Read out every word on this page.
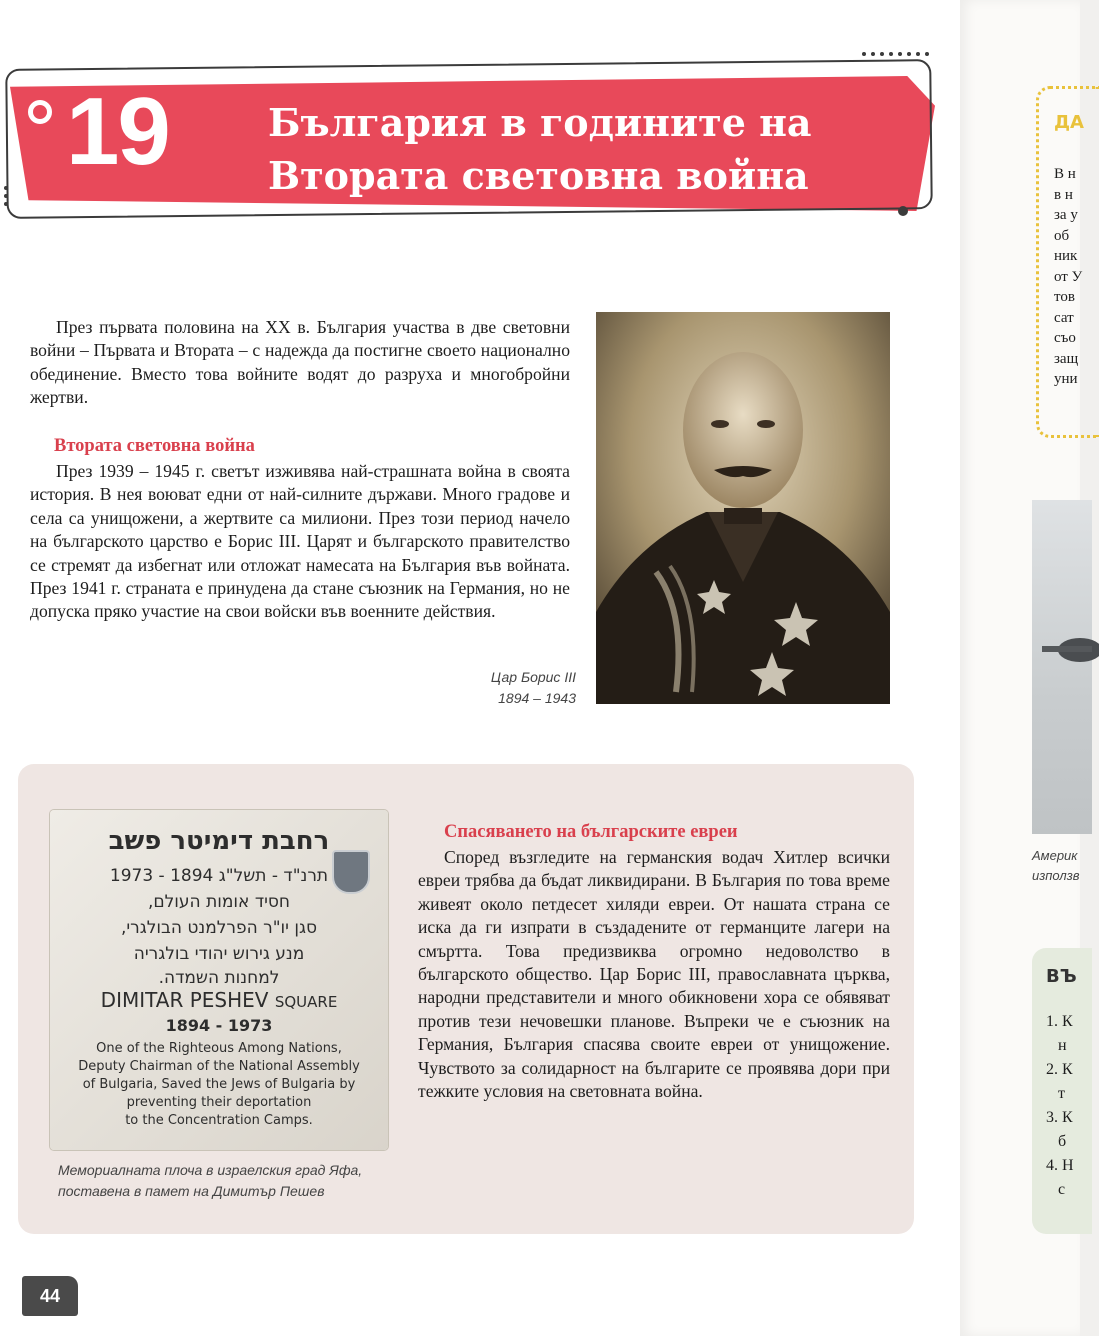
19	България в годините на
Втората световна война

През първата половина на XX в. България участва в две световни войни – Първата и Втората – с надежда да постигне своето национално обединение. Вместо това войните водят до разруха и многобройни жертви.

Втората световна война

През 1939 – 1945 г. светът изживява най-страшната война в своята история. В нея воюват едни от най-силните държави. Много градове и села са унищожени, а жертвите са милиони. През този период начело на българското царство е Борис III. Царят и българското правителство се стремят да избегнат или отложат намесата на България във войната. През 1941 г. страната е принудена да стане съюзник на Германия, но не допуска пряко участие на свои войски във военните действия.

Цар Борис III
1894 – 1943
רחבת דימיטר פשב
תרנ"ד - תשל"ג 1894 - 1973
חסיד אומות העולם,
סגן יו"ר הפרלמנט הבולגרי,
מנע גירוש יהודי בולגריה
למחנות השמדה.
DIMITAR PESHEV SQUARE
1894 - 1973
One of the Righteous Among Nations,
Deputy Chairman of the National Assembly
of Bulgaria, Saved the Jews of Bulgaria by
preventing their deportation
to the Concentration Camps.
Мемориалната плоча в израелския град Яфа,
поставена в памет на Димитър Пешев
Спасяването на българските евреи

Според възгледите на германския водач Хитлер всички евреи трябва да бъдат ликвидирани. В България по това време живеят около петдесет хиляди евреи. От нашата страна се иска да ги изпрати в създадените от германците лагери на смъртта. Това предизвиква огромно недоволство в българското общество. Цар Борис III, православната църква, народни представители и много обикновени хора се обявяват против тези нечовешки планове. Въпреки че е съюзник на Германия, България спасява своите евреи от унищожение. Чувството за солидарност на българите се проявява дори при тежките условия на световната война.

ДА
В н
в н
за у
об
ник
от У
тов
сат
съо
защ
уни
Америк
използв
ВЪ
1. К
н
2. К
т
3. К
б
4. Н
с
44
